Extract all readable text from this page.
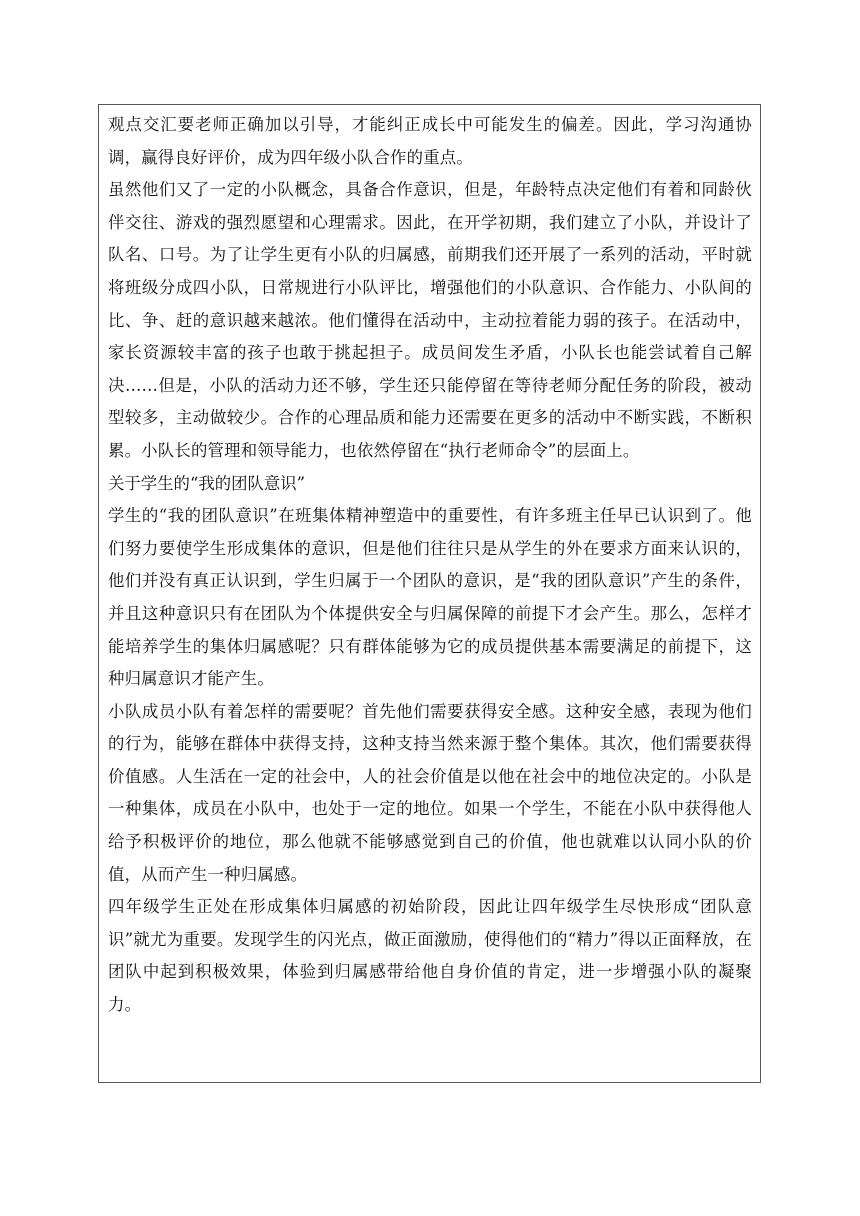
观点交汇要老师正确加以引导，才能纠正成长中可能发生的偏差。因此，学习沟通协调，赢得良好评价，成为四年级小队合作的重点。

虽然他们又了一定的小队概念，具备合作意识，但是，年龄特点决定他们有着和同龄伙伴交往、游戏的强烈愿望和心理需求。因此，在开学初期，我们建立了小队，并设计了队名、口号。为了让学生更有小队的归属感，前期我们还开展了一系列的活动，平时就将班级分成四小队，日常规进行小队评比，增强他们的小队意识、合作能力、小队间的比、争、赶的意识越来越浓。他们懂得在活动中，主动拉着能力弱的孩子。在活动中，家长资源较丰富的孩子也敢于挑起担子。成员间发生矛盾，小队长也能尝试着自己解决……但是，小队的活动力还不够，学生还只能停留在等待老师分配任务的阶段，被动型较多，主动做较少。合作的心理品质和能力还需要在更多的活动中不断实践，不断积累。小队长的管理和领导能力，也依然停留在“执行老师命令”的层面上。

关于学生的“我的团队意识”

学生的“我的团队意识”在班集体精神塑造中的重要性，有许多班主任早已认识到了。他们努力要使学生形成集体的意识，但是他们往往只是从学生的外在要求方面来认识的，他们并没有真正认识到，学生归属于一个团队的意识，是“我的团队意识”产生的条件，并且这种意识只有在团队为个体提供安全与归属保障的前提下才会产生。那么，怎样才能培养学生的集体归属感呢？只有群体能够为它的成员提供基本需要满足的前提下，这种归属意识才能产生。

小队成员小队有着怎样的需要呢？首先他们需要获得安全感。这种安全感，表现为他们的行为，能够在群体中获得支持，这种支持当然来源于整个集体。其次，他们需要获得价值感。人生活在一定的社会中，人的社会价值是以他在社会中的地位决定的。小队是一种集体，成员在小队中，也处于一定的地位。如果一个学生，不能在小队中获得他人给予积极评价的地位，那么他就不能够感觉到自己的价值，他也就难以认同小队的价值，从而产生一种归属感。

四年级学生正处在形成集体归属感的初始阶段，因此让四年级学生尽快形成“团队意识”就尤为重要。发现学生的闪光点，做正面激励，使得他们的“精力”得以正面释放，在团队中起到积极效果，体验到归属感带给他自身价值的肯定，进一步增强小队的凝聚力。
